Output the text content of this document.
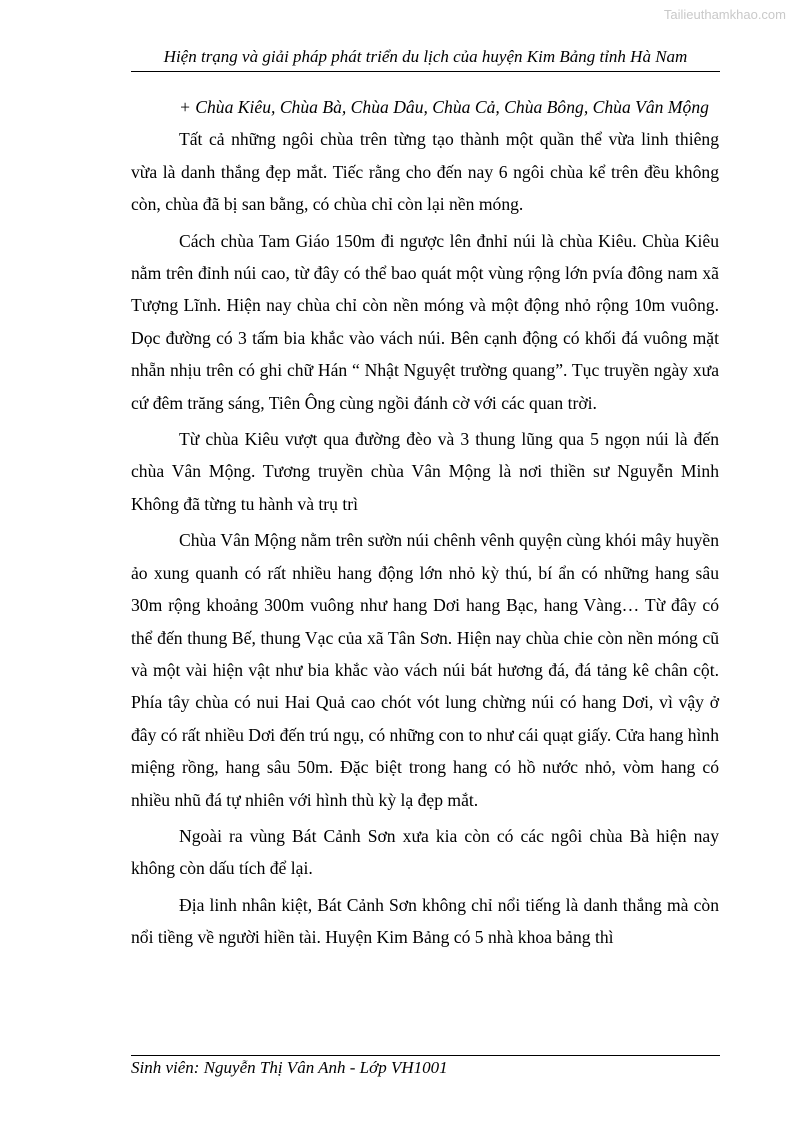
Tailieuthamkhao.com
Hiện trạng và giải pháp phát triển du lịch của huyện Kim Bảng tỉnh Hà Nam

+ Chùa Kiêu, Chùa Bà, Chùa Dâu, Chùa Cả, Chùa Bông, Chùa Vân Mộng

Tất cả những ngôi chùa trên từng tạo thành một quần thể vừa linh thiêng vừa là danh thắng đẹp mắt. Tiếc rằng cho đến nay 6 ngôi chùa kể trên đều không còn, chùa đã bị san bằng, có chùa chỉ còn lại nền móng.

Cách chùa Tam Giáo 150m đi ngược lên đnhỉ núi là chùa Kiêu. Chùa Kiêu nằm trên đỉnh núi cao, từ đây có thể bao quát một vùng rộng lớn pvía đông nam xã Tượng Lĩnh. Hiện nay chùa chỉ còn nền móng và một động nhỏ rộng 10m vuông. Dọc đường có 3 tấm bia khắc vào vách núi. Bên cạnh động có khối đá vuông mặt nhẵn nhịu trên có ghi chữ Hán “ Nhật Nguyệt trường quang”. Tục truyền ngày xưa cứ đêm trăng sáng, Tiên Ông cùng ngồi đánh cờ với các quan trời.

Từ chùa Kiêu vượt qua đường đèo và 3 thung lũng qua 5 ngọn núi là đến chùa Vân Mộng. Tương truyền chùa Vân Mộng là nơi thiền sư Nguyễn Minh Không đã từng tu hành và trụ trì

Chùa Vân Mộng nằm trên sườn núi chênh vênh quyện cùng khói mây huyền ảo xung quanh có rất nhiều hang động lớn nhỏ kỳ thú, bí ẩn có những hang sâu 30m rộng khoảng 300m vuông như hang Dơi hang Bạc, hang Vàng… Từ đây có thể đến thung Bế, thung Vạc của xã Tân Sơn. Hiện nay chùa chie còn nền móng cũ và một vài hiện vật như bia khắc vào vách núi bát hương đá, đá tảng kê chân cột. Phía tây chùa có nui Hai Quả cao chót vót lung chừng núi có hang Dơi, vì vậy ở đây có rất nhiều Dơi đến trú ngụ, có những con to như cái quạt giấy. Cửa hang hình miệng rồng, hang sâu 50m. Đặc biệt trong hang có hồ nước nhỏ, vòm hang có nhiều nhũ đá tự nhiên với hình thù kỳ lạ đẹp mắt.

Ngoài ra vùng Bát Cảnh Sơn xưa kia còn có các ngôi chùa Bà hiện nay không còn dấu tích để lại.

Địa linh nhân kiệt, Bát Cảnh Sơn không chỉ nổi tiếng là danh thắng mà còn nổi tiềng về người hiền tài. Huyện Kim Bảng có 5 nhà khoa bảng thì

Sinh viên: Nguyễn Thị Vân Anh - Lớp VH1001
